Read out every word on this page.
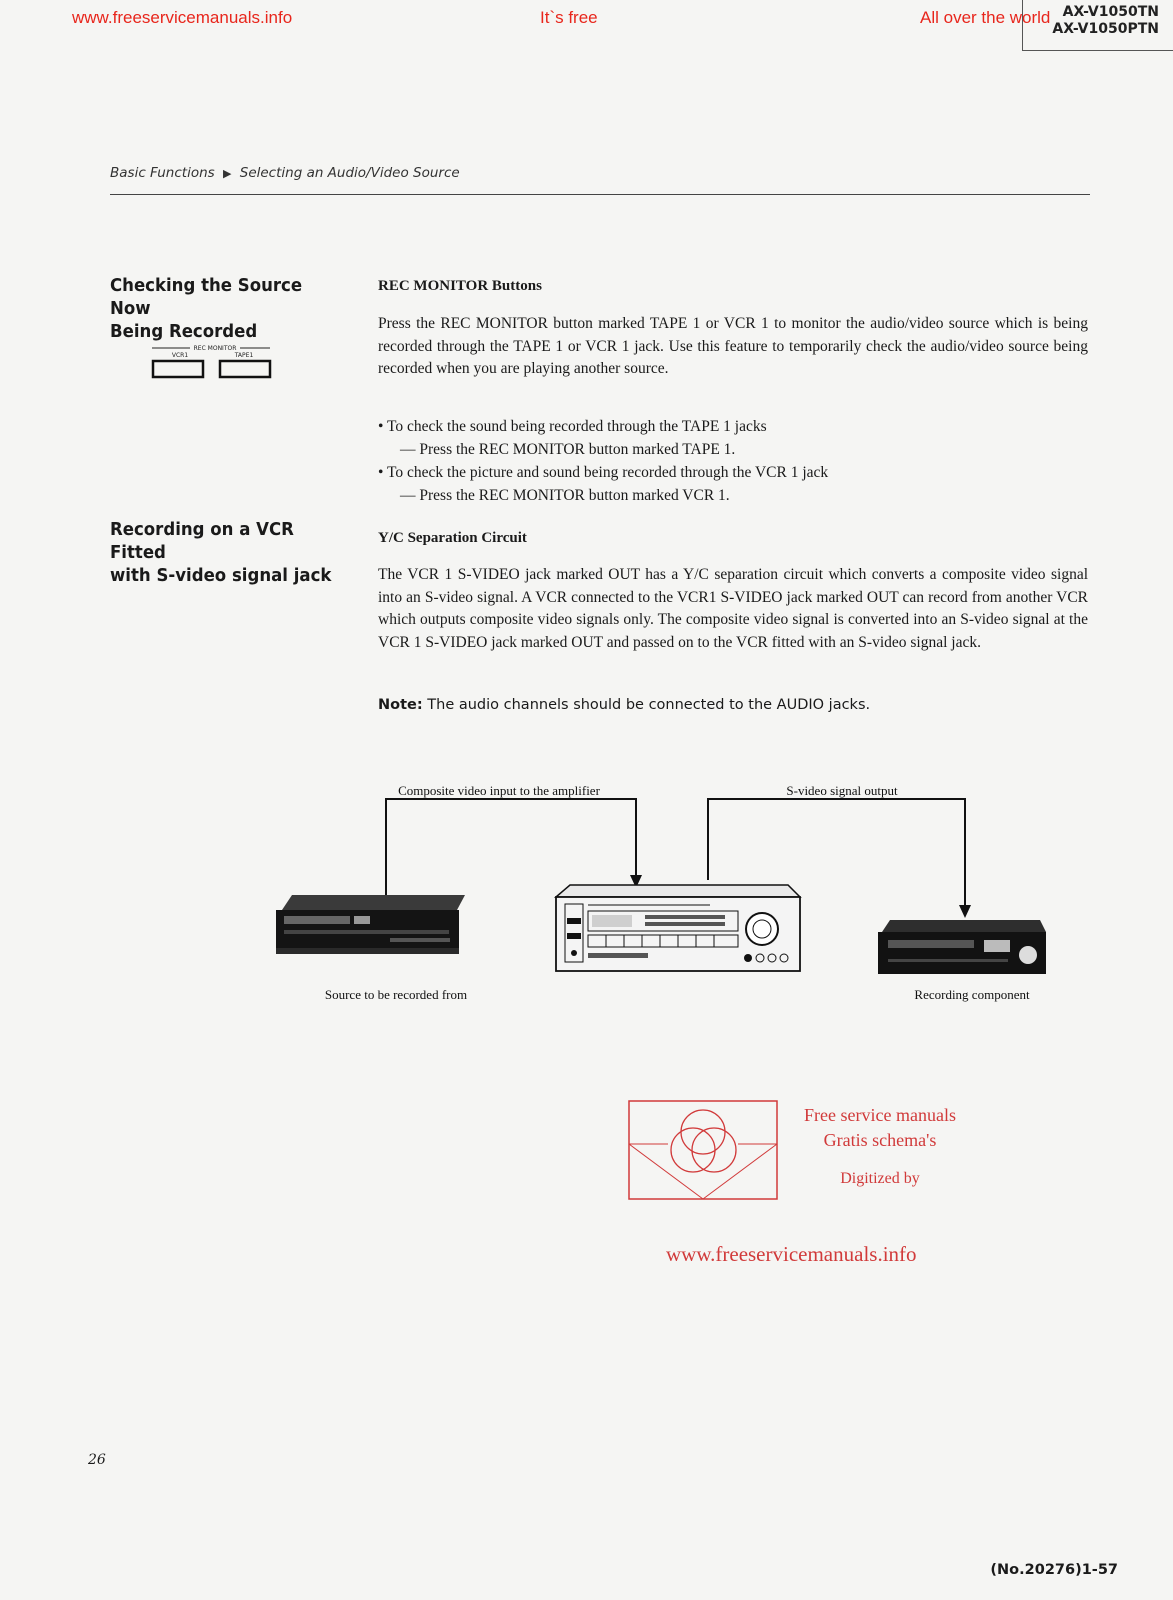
www.freeservicemanuals.info	It`s free	All over the world AX-V1050TN
AX-V1050PTN
Basic Functions ▶ Selecting an Audio/Video Source
Checking the Source Now
Being Recorded
REC MONITOR
VCR1	TAPE1
REC MONITOR Buttons
Press the REC MONITOR button marked TAPE 1 or VCR 1 to monitor the audio/video source which is being recorded through the TAPE 1 or VCR 1 jack. Use this feature to temporarily check the audio/video source being recorded when you are playing another source.
• To check the sound being recorded through the TAPE 1 jacks
— Press the REC MONITOR button marked TAPE 1.
• To check the picture and sound being recorded through the VCR 1 jack
— Press the REC MONITOR button marked VCR 1.
Recording on a VCR Fitted
with S-video signal jack
Y/C Separation Circuit
The VCR 1 S-VIDEO jack marked OUT has a Y/C separation circuit which converts a composite video signal into an S-video signal. A VCR connected to the VCR1 S-VIDEO jack marked OUT can record from another VCR which outputs composite video signals only. The composite video signal is converted into an S-video signal at the VCR 1 S-VIDEO jack marked OUT and passed on to the VCR fitted with an S-video signal jack.
Note: The audio channels should be connected to the AUDIO jacks.
Composite video input to the amplifier	S-video signal output
Source to be recorded from	Recording component
Free service manuals
Gratis schema's
Digitized by
www.freeservicemanuals.info
26
(No.20276)1-57
